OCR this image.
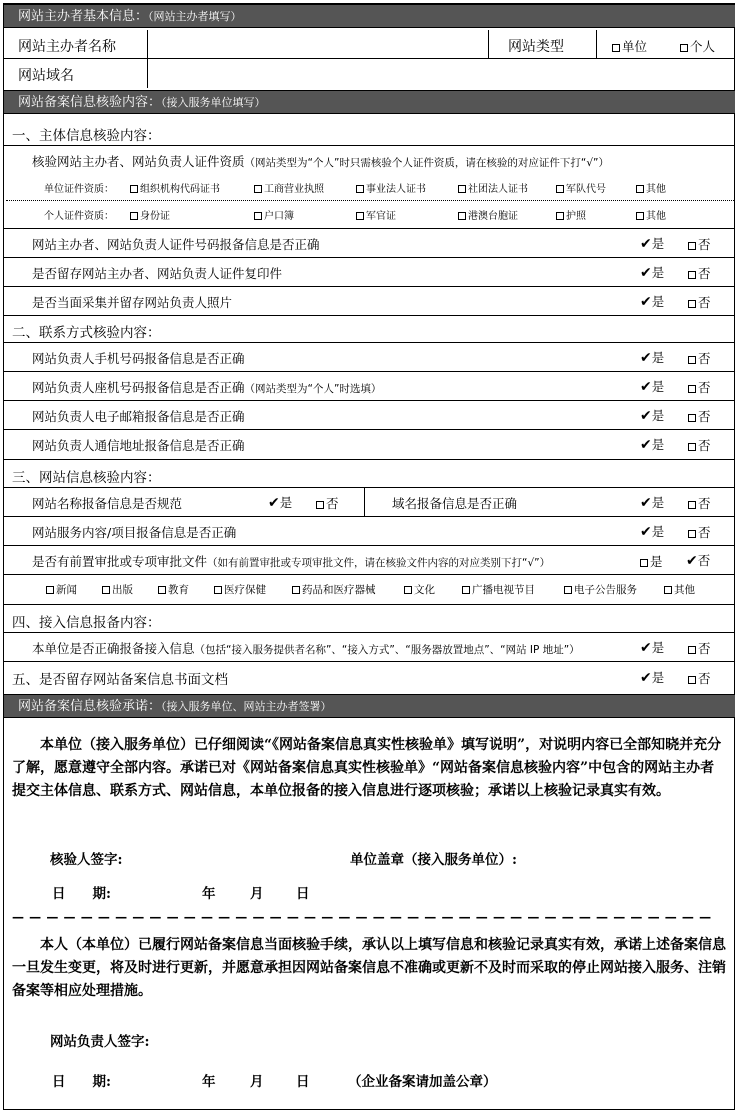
网站主办者基本信息：（网站主办者填写）
网站主办者名称	网站类型	单位	个人
网站域名
网站备案信息核验内容：（接入服务单位填写）
一、主体信息核验内容：
核验网站主办者、网站负责人证件资质（网站类型为“个人”时只需核验个人证件资质，请在核验的对应证件下打“√”）
单位证件资质：	组织机构代码证书	工商营业执照	事业法人证书	社团法人证书	军队代号	其他
个人证件资质：	身份证	户口簿	军官证	港澳台胞证	护照	其他
网站主办者、网站负责人证件号码报备信息是否正确	✔是	否
是否留存网站主办者、网站负责人证件复印件	✔是	否
是否当面采集并留存网站负责人照片	✔是	否
二、联系方式核验内容：
网站负责人手机号码报备信息是否正确	✔是	否
网站负责人座机号码报备信息是否正确（网站类型为“个人”时选填）	✔是	否
网站负责人电子邮箱报备信息是否正确	✔是	否
网站负责人通信地址报备信息是否正确	✔是	否
三、网站信息核验内容：
网站名称报备信息是否规范	✔是	否	域名报备信息是否正确	✔是	否
网站服务内容/项目报备信息是否正确	✔是	否
是否有前置审批或专项审批文件（如有前置审批或专项审批文件，请在核验文件内容的对应类别下打“√”）	是 ✔否
新闻	出版	教育	医疗保健	药品和医疗器械	文化	广播电视节目	电子公告服务	其他
四、接入信息报备内容：
本单位是否正确报备接入信息（包括“接入服务提供者名称”、“接入方式”、“服务器放置地点”、“网站 IP 地址”）	✔是	否
五、是否留存网站备案信息书面文档	✔是	否
网站备案信息核验承诺：（接入服务单位、网站主办者签署）
本单位（接入服务单位）已仔细阅读“《网站备案信息真实性核验单》填写说明”，对说明内容已全部知晓并充分了解，愿意遵守全部内容。承诺已对《网站备案信息真实性核验单》“网站备案信息核验内容”中包含的网站主办者提交主体信息、联系方式、网站信息，本单位报备的接入信息进行逐项核验；承诺以上核验记录真实有效。
核验人签字:	单位盖章（接入服务单位）:
日　　期:	年	月 日
— — — — — — — — — — — — — — — — — — — — — — — — — — — — — — — — — — — — — — — — —
本人（本单位）已履行网站备案信息当面核验手续，承认以上填写信息和核验记录真实有效，承诺上述备案信息一旦发生变更，将及时进行更新，并愿意承担因网站备案信息不准确或更新不及时而采取的停止网站接入服务、注销备案等相应处理措施。
网站负责人签字:
日　　期:	年	月 日	（企业备案请加盖公章）
